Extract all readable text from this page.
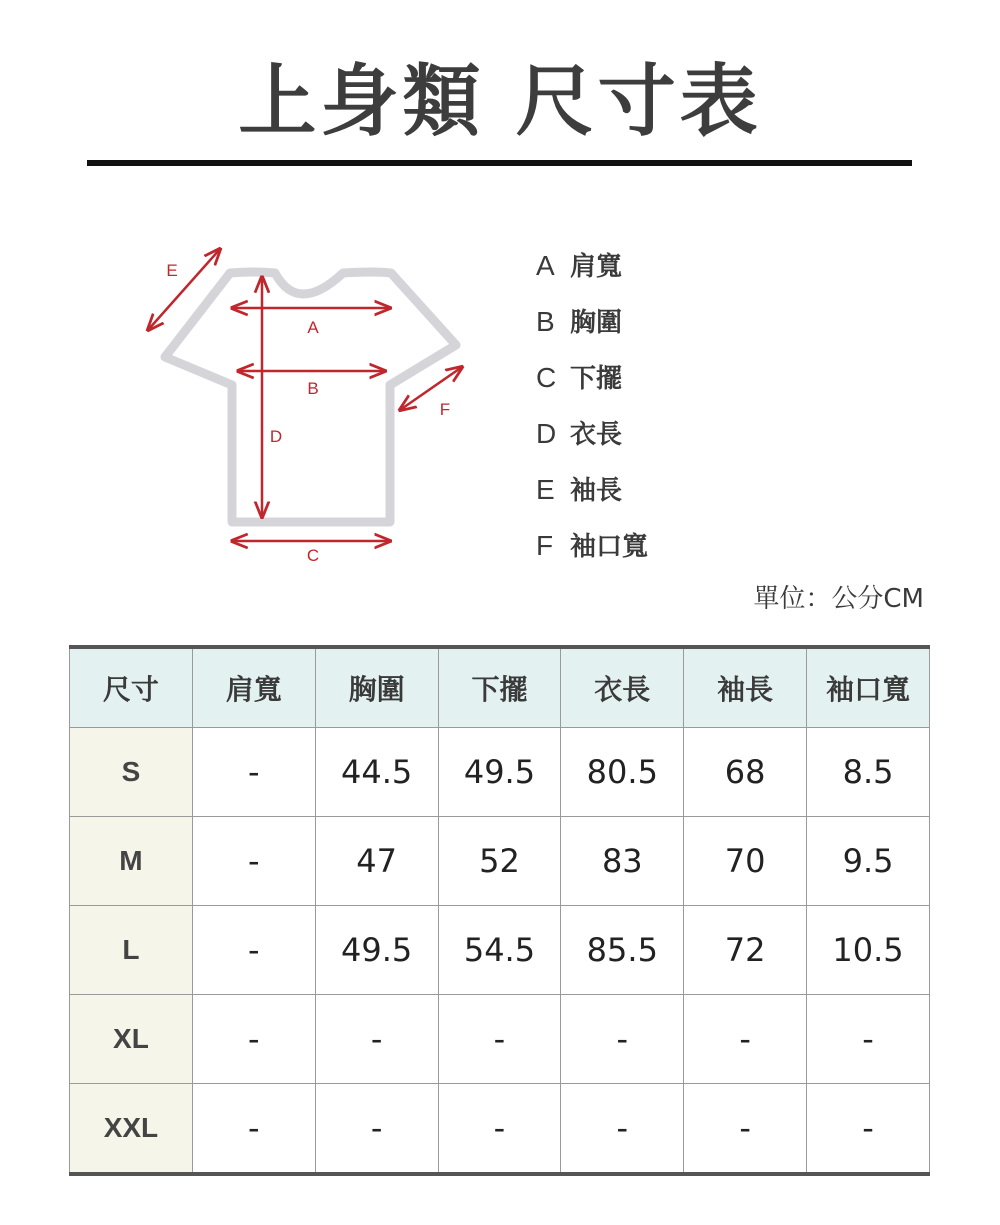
上身類 尺寸表
A
B
C
D
E
F
A 肩寬
B 胸圍
C 下擺
D 衣長
E 袖長
F 袖口寬
單位：公分CM
尺寸	肩寬	胸圍	下擺	衣長	袖長	袖口寬
S	-	44.5	49.5	80.5	68	8.5
M	-	47	52	83	70	9.5
L	-	49.5	54.5	85.5	72	10.5
XL	-	-	-	-	-	-
XXL	-	-	-	-	-	-
